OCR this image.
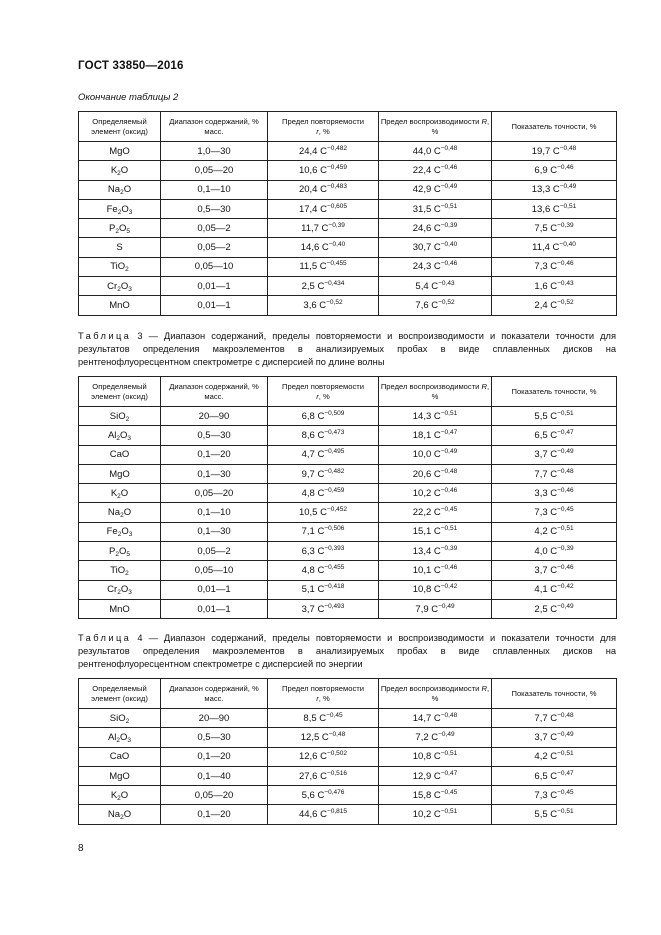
ГОСТ 33850—2016
Окончание таблицы 2
Таблица 3 — Диапазон содержаний, пределы повторяемости и воспроизводимости и показатели точности для результатов определения макроэлементов в анализируемых пробах в виде сплавленных дисков на рентгенофлуоресцентном спектрометре с дисперсией по длине волны
Таблица 4 — Диапазон содержаний, пределы повторяемости и воспроизводимости и показатели точности для результатов определения макроэлементов в анализируемых пробах в виде сплавленных дисков на рентгенофлуоресцентном спектрометре с дисперсией по энергии
Определяемый элемент (оксид)	Диапазон содержаний, % масс.	Предел повторяемости
r, %	Предел воспроизводимости R, %	Показатель точности, %
MgO	1,0—30	24,4 $C^{-0,482}$	44,0 $C^{-0,48}$	19,7 $C^{-0,48}$
$K_2O$	0,05—20	10,6 $C^{-0,459}$	22,4 $C^{-0,46}$	6,9 $C^{-0,46}$
$Na_2O$	0,1—10	20,4 $C^{-0,483}$	42,9 $C^{-0,49}$	13,3 $C^{-0,49}$
$Fe_2O_3$	0,5—30	17,4 $C^{-0,605}$	31,5 $C^{-0,51}$	13,6 $C^{-0,51}$
$P_2O_5$	0,05—2	11,7 $C^{-0,39}$	24,6 $C^{-0,39}$	7,5 $C^{-0,39}$
S	0,05—2	14,6 $C^{-0,40}$	30,7 $C^{-0,40}$	11,4 $C^{-0,40}$
TiO$_2$	0,05—10	11,5 $C^{-0,455}$	24,3 $C^{-0,46}$	7,3 $C^{-0,46}$
$Cr_2O_3$	0,01—1	2,5 $C^{-0,434}$	5,4 $C^{-0,43}$	1,6 $C^{-0,43}$
MnO	0,01—1	3,6 $C^{-0,52}$	7,6 $C^{-0,52}$	2,4 $C^{-0,52}$
Определяемый элемент (оксид)	Диапазон содержаний, % масс.	Предел повторяемости
r, %	Предел воспроизводимости R, %	Показатель точности, %
SiO$_2$	20—90	6,8 $C^{-0,509}$	14,3 $C^{-0,51}$	5,5 $C^{-0,51}$
$Al_2O_3$	0,5—30	8,6 $C^{-0,473}$	18,1 $C^{-0,47}$	6,5 $C^{-0,47}$
CaO	0,1—20	4,7 $C^{-0,495}$	10,0 $C^{-0,49}$	3,7 $C^{-0,49}$
MgO	0,1—30	9,7 $C^{-0,482}$	20,6 $C^{-0,48}$	7,7 $C^{-0,48}$
$K_2O$	0,05—20	4,8 $C^{-0,459}$	10,2 $C^{-0,46}$	3,3 $C^{-0,46}$
$Na_2O$	0,1—10	10,5 $C^{-0,452}$	22,2 $C^{-0,45}$	7,3 $C^{-0,45}$
$Fe_2O_3$	0,1—30	7,1 $C^{-0,506}$	15,1 $C^{-0,51}$	4,2 $C^{-0,51}$
$P_2O_5$	0,05—2	6,3 $C^{-0,393}$	13,4 $C^{-0,39}$	4,0 $C^{-0,39}$
TiO$_2$	0,05—10	4,8 $C^{-0,455}$	10,1 $C^{-0,46}$	3,7 $C^{-0,46}$
$Cr_2O_3$	0,01—1	5,1 $C^{-0,418}$	10,8 $C^{-0,42}$	4,1 $C^{-0,42}$
MnO	0,01—1	3,7 $C^{-0,493}$	7,9 $C^{-0,49}$	2,5 $C^{-0,49}$
Определяемый элемент (оксид)	Диапазон содержаний, % масс.	Предел повторяемости
r, %	Предел воспроизводимости R, %	Показатель точности, %
SiO$_2$	20—90	8,5 $C^{-0,45}$	14,7 $C^{-0,48}$	7,7 $C^{-0,48}$
$Al_2O_3$	0,5—30	12,5 $C^{-0,48}$	7,2 $C^{-0,49}$	3,7 $C^{-0,49}$
CaO	0,1—20	12,6 $C^{-0,502}$	10,8 $C^{-0,51}$	4,2 $C^{-0,51}$
MgO	0,1—40	27,6 $C^{-0,516}$	12,9 $C^{-0,47}$	6,5 $C^{-0,47}$
$K_2O$	0,05—20	5,6 $C^{-0,476}$	15,8 $C^{-0,45}$	7,3 $C^{-0,45}$
$Na_2O$	0,1—20	44,6 $C^{-0,815}$	10,2 $C^{-0,51}$	5,5 $C^{-0,51}$
8
